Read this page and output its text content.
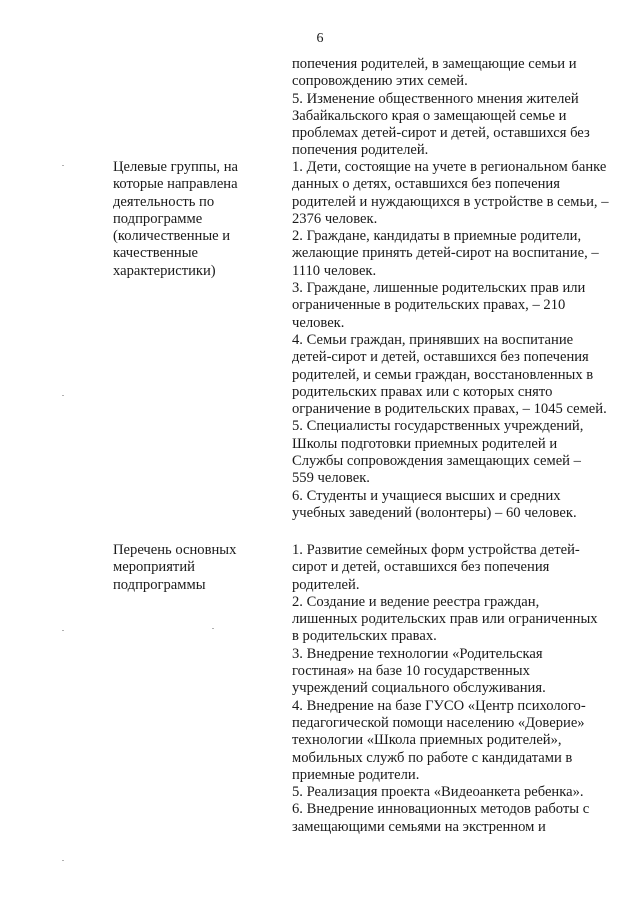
6
попечения родителей, в замещающие семьи и
сопровождению этих семей.
5. Изменение общественного мнения жителей
Забайкальского края о замещающей семье и
проблемах детей-сирот и детей, оставшихся без
попечения родителей.
Целевые группы, на
которые направлена
деятельность по
подпрограмме
(количественные и
качественные
характеристики)
1. Дети, состоящие на учете в региональном банке
данных о детях, оставшихся без попечения
родителей и нуждающихся в устройстве в семьи, –
2376 человек.
2. Граждане, кандидаты в приемные родители,
желающие принять детей-сирот на воспитание, –
1110 человек.
3. Граждане, лишенные родительских прав или
ограниченные в родительских правах, – 210
человек.
4. Семьи граждан, принявших на воспитание
детей-сирот и детей, оставшихся без попечения
родителей, и семьи граждан, восстановленных в
родительских правах или с которых снято
ограничение в родительских правах, – 1045 семей.
5. Специалисты государственных учреждений,
Школы подготовки приемных родителей и
Службы сопровождения замещающих семей –
559 человек.
6. Студенты и учащиеся высших и средних
учебных заведений (волонтеры) – 60 человек.
Перечень основных
мероприятий
подпрограммы
1. Развитие семейных форм устройства детей-
сирот и детей, оставшихся без попечения
родителей.
2. Создание и ведение реестра граждан,
лишенных родительских прав или ограниченных
в родительских правах.
3. Внедрение технологии «Родительская
гостиная» на базе 10 государственных
учреждений социального обслуживания.
4. Внедрение на базе ГУСО «Центр психолого-
педагогической помощи населению «Доверие»
технологии «Школа приемных родителей»,
мобильных служб по работе с кандидатами в
приемные родители.
5. Реализация проекта «Видеоанкета ребенка».
6. Внедрение инновационных методов работы с
замещающими семьями на экстренном и
